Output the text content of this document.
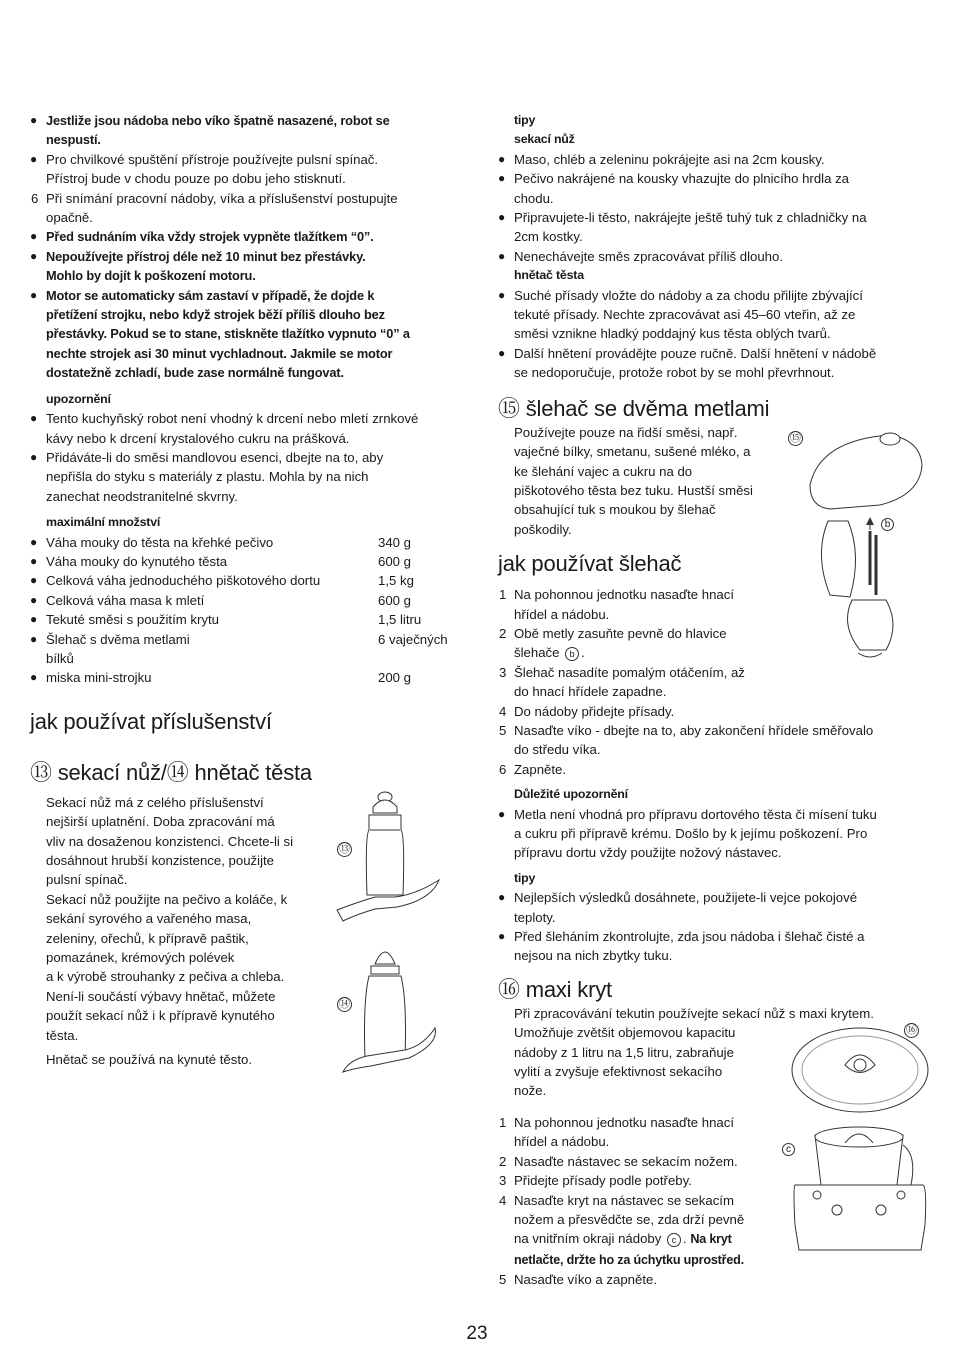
● Jestliže jsou nádoba nebo víko špatně nasazené, robot se
nespustí.
● Pro chvilkové spuštění přístroje používejte pulsní spínač.
Přístroj bude v chodu pouze po dobu jeho stisknutí.
6 Při snímání pracovní nádoby, víka a příslušenství postupujte
opačně.
● Před sudnáním víka vždy strojek vypněte tlažítkem “0”.
● Nepoužívejte přístroj déle než 10 minut bez přestávky.
Mohlo by dojít k poškození motoru.
● Motor se automaticky sám zastaví v případě, že dojde k
přetížení strojku, nebo když strojek běží příliš dlouho bez
přestávky. Pokud se to stane, stiskněte tlažítko vypnuto “0” a
nechte strojek asi 30 minut vychladnout. Jakmile se motor
dostatežně zchladí, bude zase normálně fungovat.
upozornění
● Tento kuchyňský robot není vhodný k drcení nebo mletí zrnkové
kávy nebo k drcení krystalového cukru na prášková.
● Přidáváte-li do směsi mandlovou esenci, dbejte na to, aby
nepřišla do styku s materiály z plastu. Mohla by na nich
zanechat neodstranitelné skvrny.
maximální množství
● Váha mouky do těsta na křehké pečivo	340 g
● Váha mouky do kynutého těsta	600 g
● Celková váha jednoduchého piškotového dortu	1,5 kg
● Celková váha masa k mletí	600 g
● Tekuté směsi s použitím krytu	1,5 litru
● Šlehač s dvěma metlami	6 vaječných
bílků
● miska mini-strojku	200 g
jak používat příslušenství
⑬ sekací nůž/⑭ hnětač těsta
Sekací nůž má z celého příslušenství
nejširší uplatnění. Doba zpracování má
vliv na dosaženou konzistenci. Chcete-li si
dosáhnout hrubší konzistence, použijte
pulsní spínač.
Sekací nůž použijte na pečivo a koláče, k
sekání syrového a vařeného masa,
zeleniny, ořechů, k přípravě paštik,
pomazánek, krémových polévek
a k výrobě strouhanky z pečiva a chleba.
Není-li součástí výbavy hnětač, můžete
použít sekací nůž i k přípravě kynutého
těsta.
Hnětač se používá na kynuté těsto.
⑬
⑭
tipy
sekací nůž
● Maso, chléb a zeleninu pokrájejte asi na 2cm kousky.
● Pečivo nakrájené na kousky vhazujte do plnicího hrdla za
chodu.
● Připravujete-li těsto, nakrájejte ještě tuhý tuk z chladničky na
2cm kostky.
● Nenechávejte směs zpracovávat příliš dlouho.
hnětač těsta
● Suché přísady vložte do nádoby a za chodu přilijte zbývající
tekuté přísady. Nechte zpracovávat asi 45–60 vteřin, až ze
směsi vznikne hladký poddajný kus těsta oblých tvarů.
● Další hnětení provádějte pouze ručně. Další hnětení v nádobě
se nedoporučuje, protože robot by se mohl převrhnout.
⑮ šlehač se dvěma metlami
Používejte pouze na řidší směsi, např.
vaječné bílky, smetanu, sušené mléko, a
ke šlehání vajec a cukru na do
piškotového těsta bez tuku. Hustší směsi
obsahující tuk s moukou by šlehač
poškodily.
jak používat šlehač
1 Na pohonnou jednotku nasaďte hnací
hřídel a nádobu.
2 Obě metly zasuňte pevně do hlavice
šlehače b .
3 Šlehač nasadíte pomalým otáčením, až
do hnací hřídele zapadne.
4 Do nádoby přidejte přísady.
5 Nasaďte víko - dbejte na to, aby zakončení hřídele směřovalo
do středu víka.
6 Zapněte.
Důležité upozornění
● Metla není vhodná pro přípravu dortového těsta či mísení tuku
a cukru při přípravě krému. Došlo by k jejímu poškození. Pro
přípravu dortu vždy použijte nožový nástavec.
tipy
● Nejlepších výsledků dosáhnete, použijete-li vejce pokojové
teploty.
● Před šleháním zkontrolujte, zda jsou nádoba i šlehač čisté a
nejsou na nich zbytky tuku.
⑯ maxi kryt
Při zpracovávání tekutin používejte sekací nůž s maxi krytem.
Umožňuje zvětšit objemovou kapacitu
nádoby z 1 litru na 1,5 litru, zabraňuje
vylití a zvyšuje efektivnost sekacího
nože.
1 Na pohonnou jednotku nasaďte hnací
hřídel a nádobu.
2 Nasaďte nástavec se sekacím nožem.
3 Přidejte přísady podle potřeby.
4 Nasaďte kryt na nástavec se sekacím
nožem a přesvědčte se, zda drží pevně
na vnitřním okraji nádoby c . Na kryt
netlačte, držte ho za úchytku uprostřed.
5 Nasaďte víko a zapněte.
⑮
b
⑯
c
23
